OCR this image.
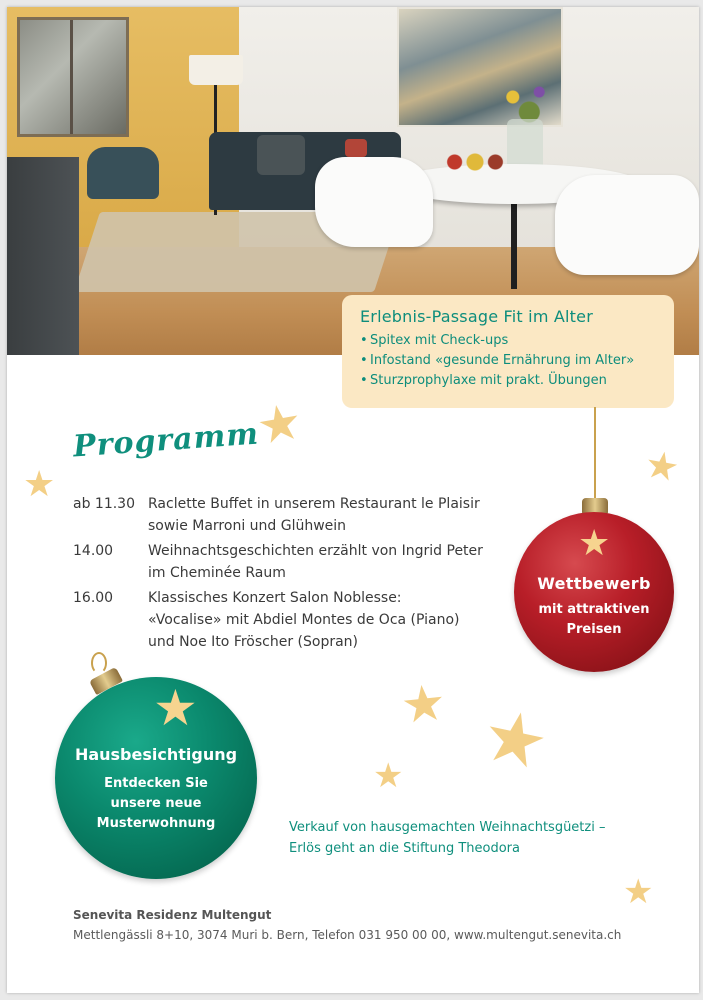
Erlebnis-Passage Fit im Alter
• Spitex mit Check-ups
• Infostand «gesunde Ernährung im Alter»
• Sturzprophylaxe mit prakt. Übungen
★
★	★
★ ★
★
★
Programm
ab 11.30 Raclette Buffet in unserem Restaurant le Plaisir
sowie Marroni und Glühwein
14.00	Weihnachtsgeschichten erzählt von Ingrid Peter
im Cheminée Raum
16.00	Klassisches Konzert Salon Noblesse:
«Vocalise» mit Abdiel Montes de Oca (Piano)
und Noe Ito Fröscher (Sopran)
★
Wettbewerb
mit attraktiven
Preisen
★
Hausbesichtigung
Entdecken Sie
unsere neue
Musterwohnung	Verkauf von hausgemachten Weihnachtsgüetzi –
Erlös geht an die Stiftung Theodora
Senevita Residenz Multengut
Mettlengässli 8+10, 3074 Muri b. Bern, Telefon 031 950 00 00, www.multengut.senevita.ch
